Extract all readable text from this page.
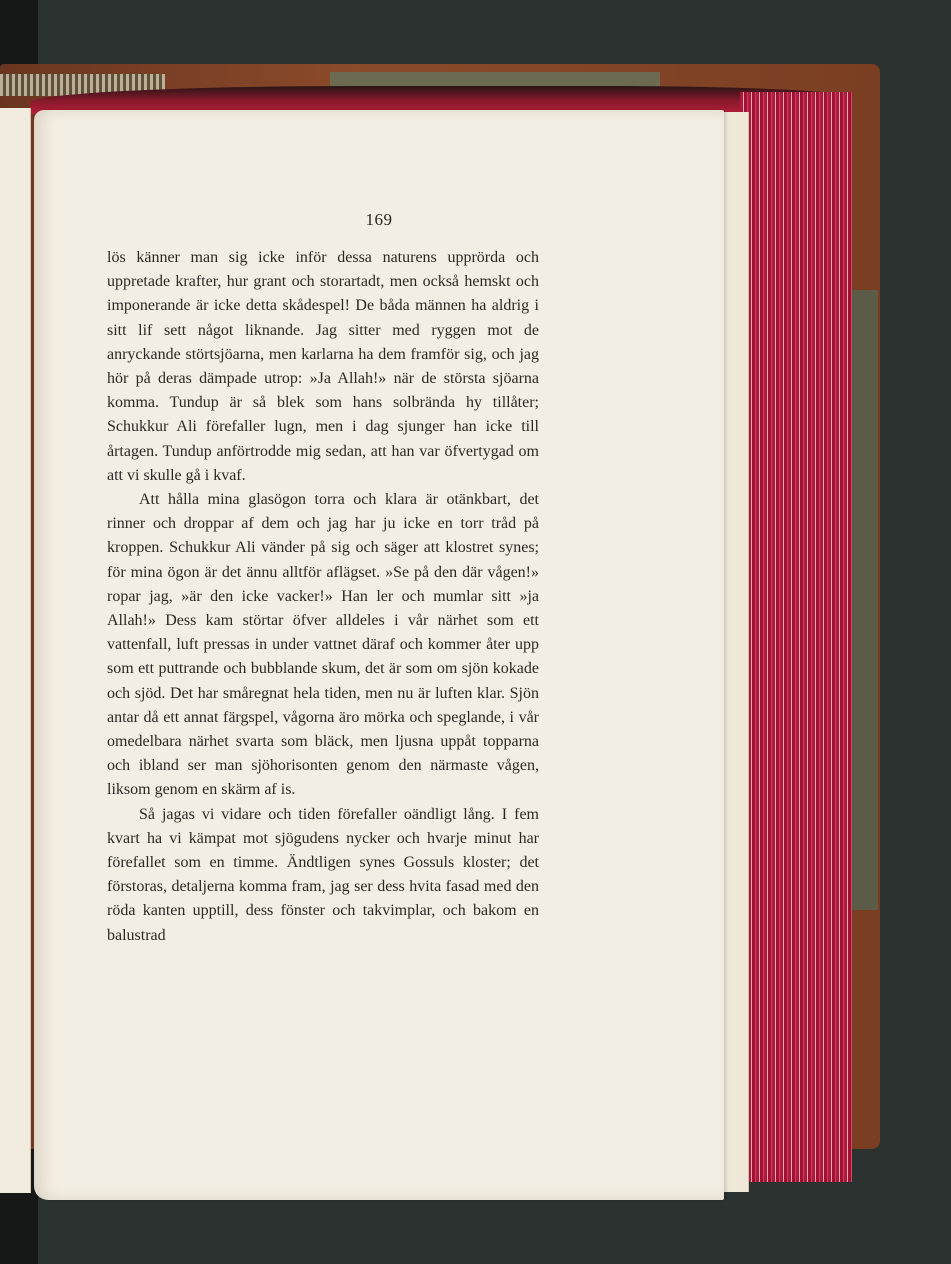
169

lös känner man sig icke inför dessa naturens upprörda och uppretade krafter, hur grant och storartadt, men också hemskt och imponerande är icke detta skådespel! De båda männen ha aldrig i sitt lif sett något liknande. Jag sitter med ryggen mot de anryckande störtsjöarna, men karlarna ha dem framför sig, och jag hör på deras dämpade utrop: »Ja Allah!» när de största sjöarna komma. Tundup är så blek som hans solbrända hy tillåter; Schukkur Ali förefaller lugn, men i dag sjunger han icke till årtagen. Tundup anförtrodde mig sedan, att han var öfvertygad om att vi skulle gå i kvaf.

Att hålla mina glasögon torra och klara är otänkbart, det rinner och droppar af dem och jag har ju icke en torr tråd på kroppen. Schukkur Ali vänder på sig och säger att klostret synes; för mina ögon är det ännu alltför aflägset. »Se på den där vågen!» ropar jag, »är den icke vacker!» Han ler och mumlar sitt »ja Allah!» Dess kam störtar öfver alldeles i vår närhet som ett vattenfall, luft pressas in under vattnet däraf och kommer åter upp som ett puttrande och bubblande skum, det är som om sjön kokade och sjöd. Det har småregnat hela tiden, men nu är luften klar. Sjön antar då ett annat färgspel, vågorna äro mörka och speglande, i vår omedelbara närhet svarta som bläck, men ljusna uppåt topparna och ibland ser man sjöhorisonten genom den närmaste vågen, liksom genom en skärm af is.

Så jagas vi vidare och tiden förefaller oändligt lång. I fem kvart ha vi kämpat mot sjögudens nycker och hvarje minut har förefallet som en timme. Ändtligen synes Gossuls kloster; det förstoras, detaljerna komma fram, jag ser dess hvita fasad med den röda kanten upptill, dess fönster och takvimplar, och bakom en balustrad
